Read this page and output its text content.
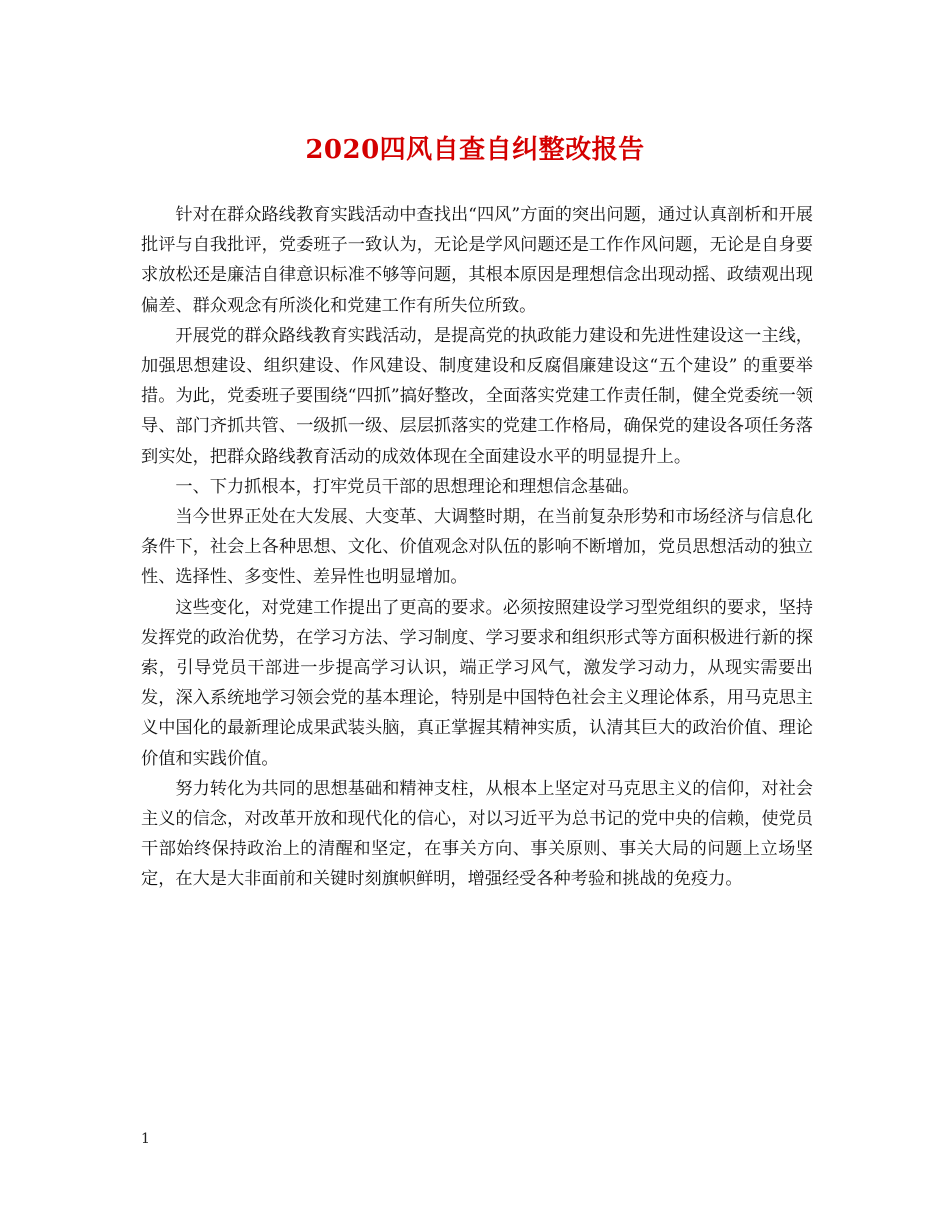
2020四风自查自纠整改报告

针对在群众路线教育实践活动中查找出“四风”方面的突出问题，通过认真剖析和开展批评与自我批评，党委班子一致认为，无论是学风问题还是工作作风问题，无论是自身要求放松还是廉洁自律意识标准不够等问题，其根本原因是理想信念出现动摇、政绩观出现偏差、群众观念有所淡化和党建工作有所失位所致。

开展党的群众路线教育实践活动，是提高党的执政能力建设和先进性建设这一主线，加强思想建设、组织建设、作风建设、制度建设和反腐倡廉建设这“五个建设” 的重要举措。为此，党委班子要围绕“四抓”搞好整改，全面落实党建工作责任制，健全党委统一领导、部门齐抓共管、一级抓一级、层层抓落实的党建工作格局，确保党的建设各项任务落到实处，把群众路线教育活动的成效体现在全面建设水平的明显提升上。

一、下力抓根本，打牢党员干部的思想理论和理想信念基础。

当今世界正处在大发展、大变革、大调整时期，在当前复杂形势和市场经济与信息化条件下，社会上各种思想、文化、价值观念对队伍的影响不断增加，党员思想活动的独立性、选择性、多变性、差异性也明显增加。

这些变化，对党建工作提出了更高的要求。必须按照建设学习型党组织的要求，坚持发挥党的政治优势，在学习方法、学习制度、学习要求和组织形式等方面积极进行新的探索，引导党员干部进一步提高学习认识，端正学习风气，激发学习动力，从现实需要出发，深入系统地学习领会党的基本理论，特别是中国特色社会主义理论体系，用马克思主义中国化的最新理论成果武装头脑，真正掌握其精神实质，认清其巨大的政治价值、理论价值和实践价值。

努力转化为共同的思想基础和精神支柱，从根本上坚定对马克思主义的信仰，对社会主义的信念，对改革开放和现代化的信心，对以习近平为总书记的党中央的信赖，使党员干部始终保持政治上的清醒和坚定，在事关方向、事关原则、事关大局的问题上立场坚定，在大是大非面前和关键时刻旗帜鲜明，增强经受各种考验和挑战的免疫力。

1
